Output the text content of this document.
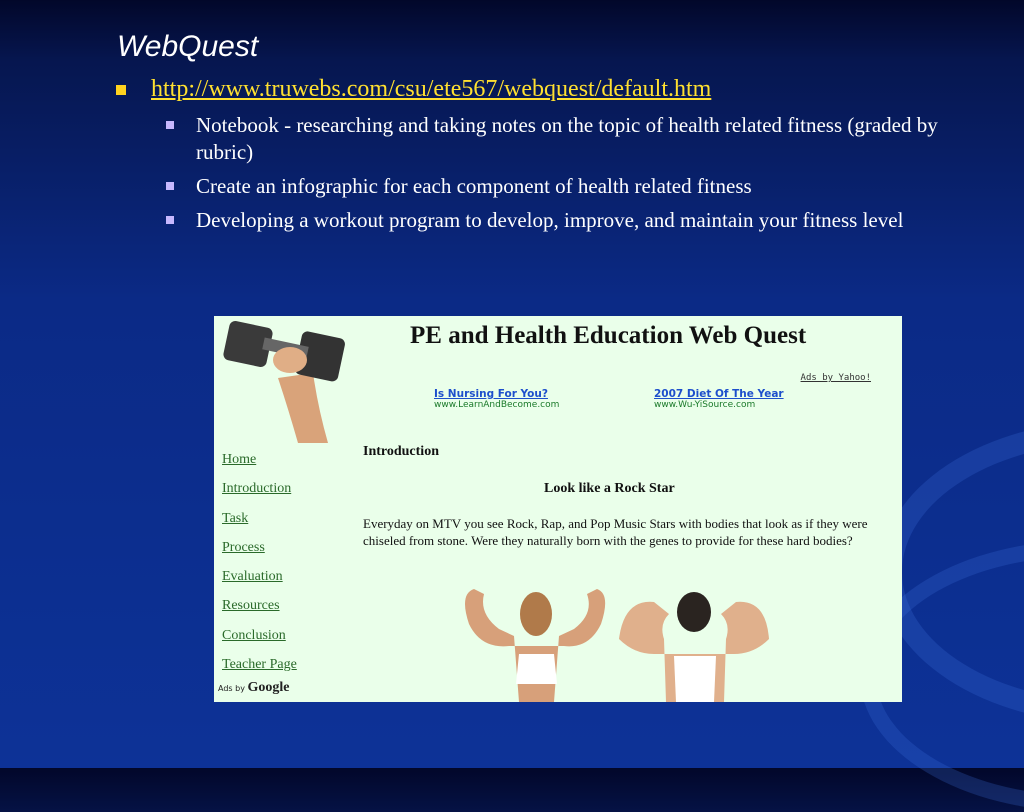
WebQuest
http://www.truwebs.com/csu/ete567/webquest/default.htm
Notebook - researching and taking notes on the topic of health related fitness (graded by rubric)
Create an infographic for each component of health related fitness
Developing a workout program to develop, improve, and maintain your fitness level
PE and Health Education Web Quest
Ads by Yahoo!
Is Nursing For You?
www.LearnAndBecome.com
2007 Diet Of The Year
www.Wu-YiSource.com
Home
Introduction
Task
Process
Evaluation
Resources
Conclusion
Teacher Page
Ads by Google
Introduction
Look like a Rock Star
Everyday on MTV you see Rock, Rap, and Pop Music Stars with bodies that look as if they were chiseled from stone. Were they naturally born with the genes to provide for these hard bodies?
